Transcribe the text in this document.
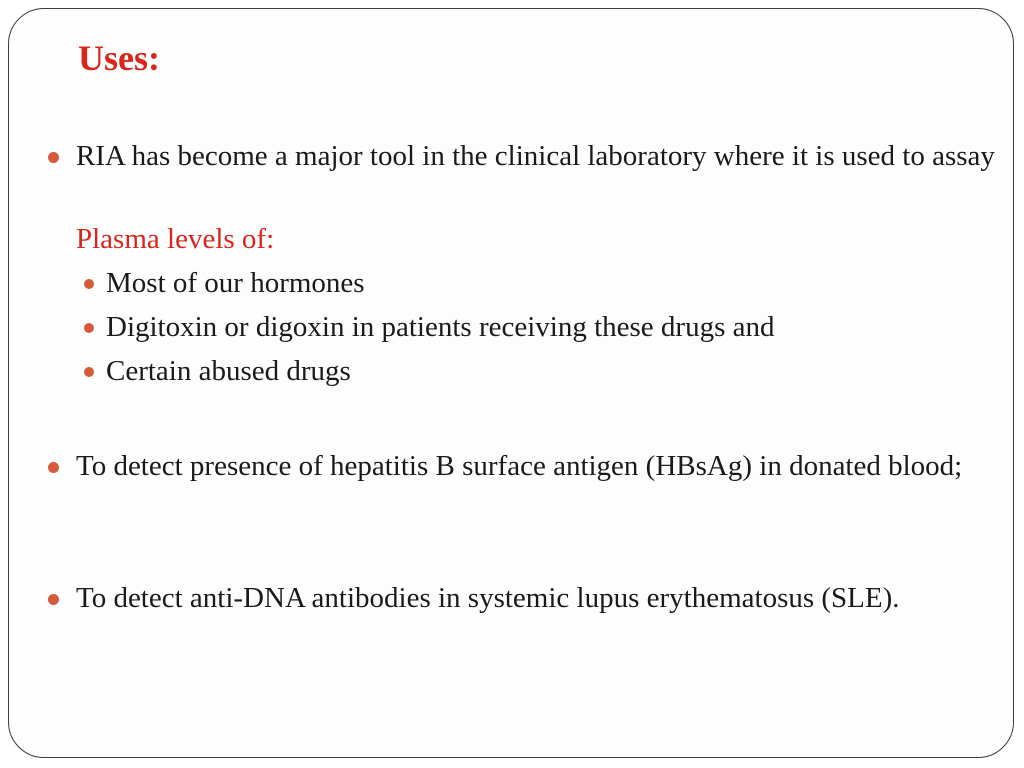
Uses:
RIA has become a major tool in the clinical laboratory where it is used to assay
Plasma levels of:
Most of our hormones
Digitoxin or digoxin in patients receiving these drugs and
Certain abused drugs
To detect presence of hepatitis B surface antigen (HBsAg) in donated blood;
To detect anti-DNA antibodies in systemic lupus erythematosus (SLE).
